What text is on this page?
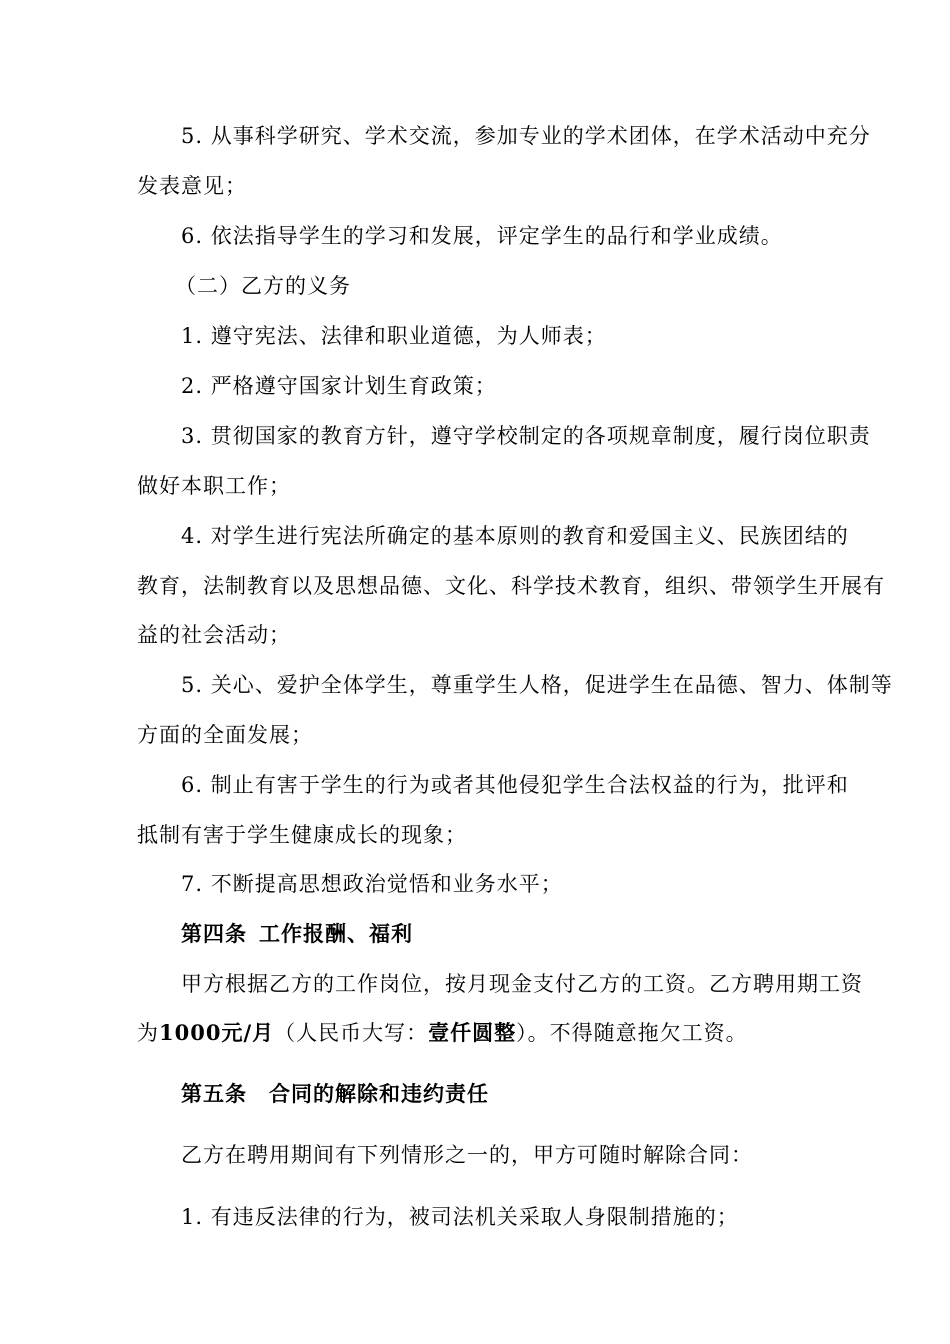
5. 从事科学研究、学术交流，参加专业的学术团体，在学术活动中充分
发表意见；
6. 依法指导学生的学习和发展，评定学生的品行和学业成绩。
（二）乙方的义务
1. 遵守宪法、法律和职业道德，为人师表；
2. 严格遵守国家计划生育政策；
3. 贯彻国家的教育方针，遵守学校制定的各项规章制度，履行岗位职责
做好本职工作；
4. 对学生进行宪法所确定的基本原则的教育和爱国主义、民族团结的
教育，法制教育以及思想品德、文化、科学技术教育，组织、带领学生开展有
益的社会活动；
5. 关心、爱护全体学生，尊重学生人格，促进学生在品德、智力、体制等
方面的全面发展；
6. 制止有害于学生的行为或者其他侵犯学生合法权益的行为，批评和
抵制有害于学生健康成长的现象；
7. 不断提高思想政治觉悟和业务水平；
第四条 工作报酬、福利
甲方根据乙方的工作岗位，按月现金支付乙方的工资。乙方聘用期工资
为1000元/月（人民币大写：壹仟圆整）。不得随意拖欠工资。
第五条 合同的解除和违约责任
乙方在聘用期间有下列情形之一的，甲方可随时解除合同：
1. 有违反法律的行为，被司法机关采取人身限制措施的；
